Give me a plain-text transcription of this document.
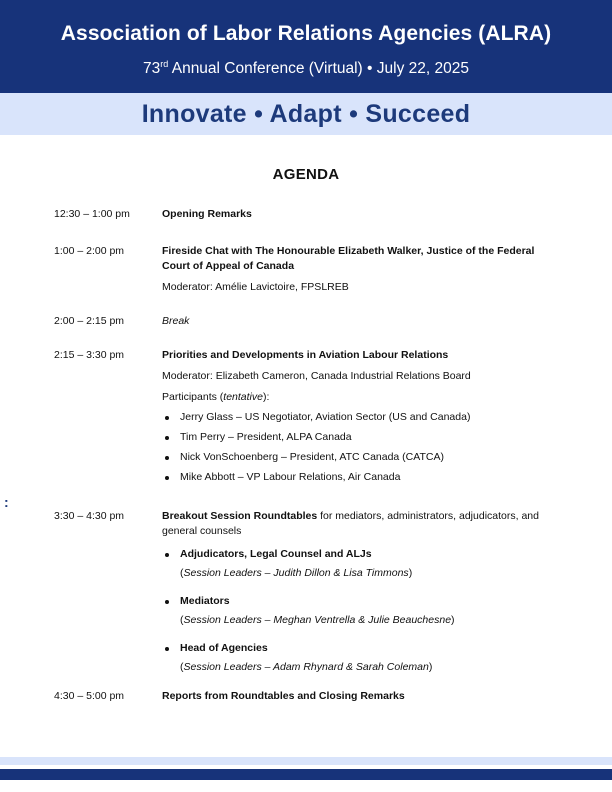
Association of Labor Relations Agencies (ALRA)
73rd Annual Conference (Virtual) • July 22, 2025
Innovate • Adapt • Succeed
AGENDA
12:30 – 1:00 pm	Opening Remarks
1:00 – 2:00 pm	Fireside Chat with The Honourable Elizabeth Walker, Justice of the Federal Court of Appeal of Canada
Moderator: Amélie Lavictoire, FPSLREB
2:00 – 2:15 pm	Break
2:15 – 3:30 pm	Priorities and Developments in Aviation Labour Relations
Moderator: Elizabeth Cameron, Canada Industrial Relations Board
Participants (tentative):
Jerry Glass – US Negotiator, Aviation Sector (US and Canada)
Tim Perry – President, ALPA Canada
Nick VonSchoenberg – President, ATC Canada (CATCA)
Mike Abbott – VP Labour Relations, Air Canada
3:30 – 4:30 pm	Breakout Session Roundtables for mediators, administrators, adjudicators, and general counsels
Adjudicators, Legal Counsel and ALJs
(Session Leaders – Judith Dillon & Lisa Timmons)
Mediators
(Session Leaders – Meghan Ventrella & Julie Beauchesne)
Head of Agencies
(Session Leaders – Adam Rhynard & Sarah Coleman)
4:30 – 5:00 pm	Reports from Roundtables and Closing Remarks
:
